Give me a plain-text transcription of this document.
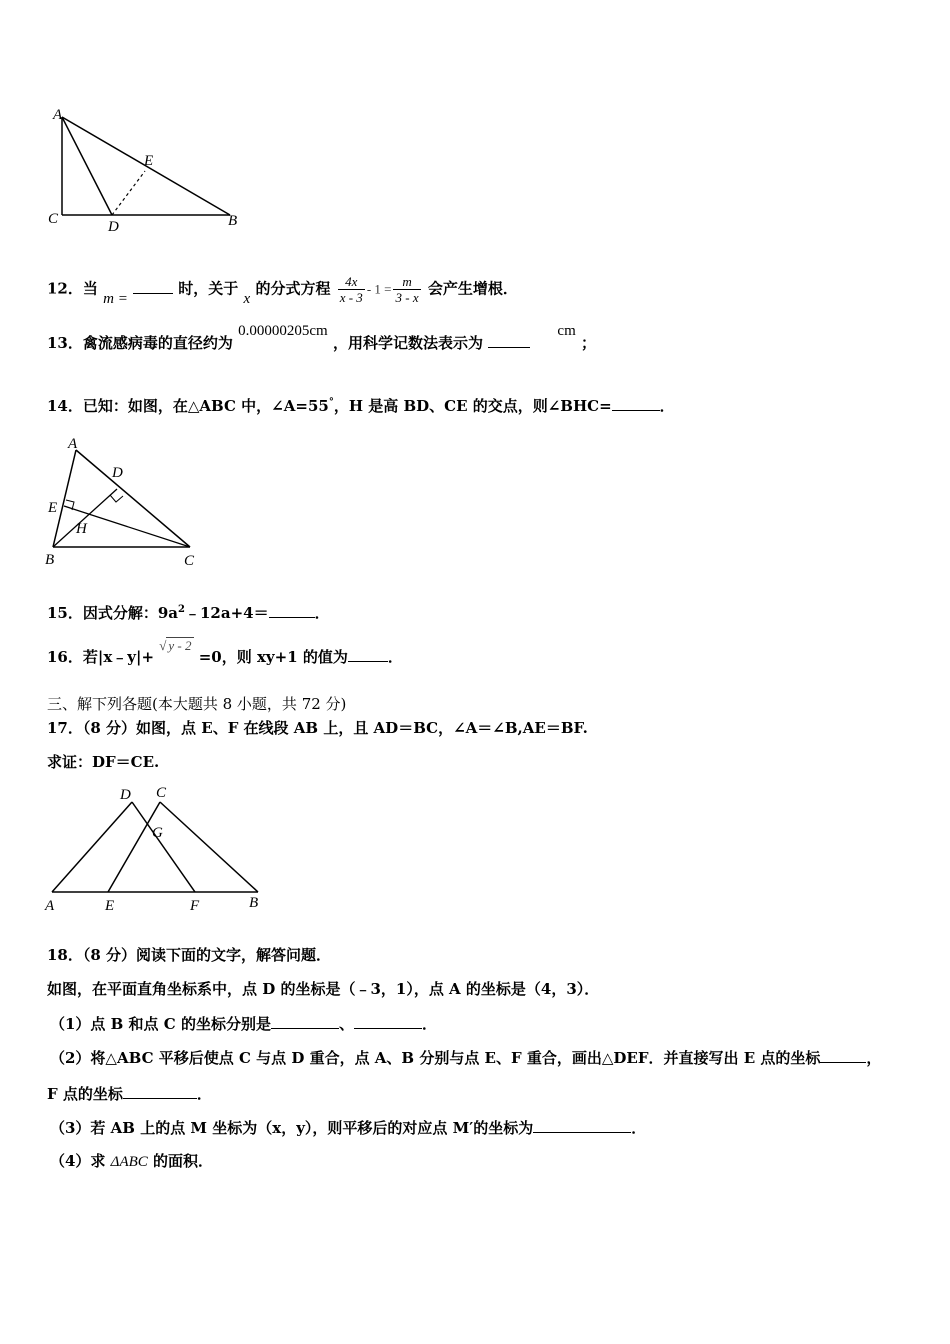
A
E
C	D	B
12．当 m =  时，关于 x 的分式方程 $\frac{4x}{x - 3} - 1 = \frac{m}{3 - x}$ 会产生增根．
13．禽流感病毒的直径约为 0.00000205cm ，用科学记数法表示为  cm ；
14．已知：如图，在△ABC 中，∠A=55°，H 是高 BD、CE 的交点，则∠BHC=	．
A
D
E
H
B	C
15．因式分解：$9a^2﹣12a+4=$	．
16．若|x﹣y|+ √ y - 2 =0，则 xy+1 的值为	．
三、解下列各题(本大题共 8 小题，共 72 分)
17．（8 分）如图，点 E、F 在线段 AB 上，且 AD＝BC，∠A＝∠B,AE＝BF.
求证：DF＝CE.
D C
G
A	E	F	B
18．（8 分）阅读下面的文字，解答问题．
如图，在平面直角坐标系中，点 D 的坐标是（﹣3，1），点 A 的坐标是（4，3）．
（1）点 B 和点 C 的坐标分别是	、	．
（2）将△ABC 平移后使点 C 与点 D 重合，点 A、B 分别与点 E、F 重合，画出△DEF．并直接写出 E 点的坐标	，
F 点的坐标	．
（3）若 AB 上的点 M 坐标为（x，y），则平移后的对应点 M′的坐标为	．
（4）求 ΔABC 的面积．
